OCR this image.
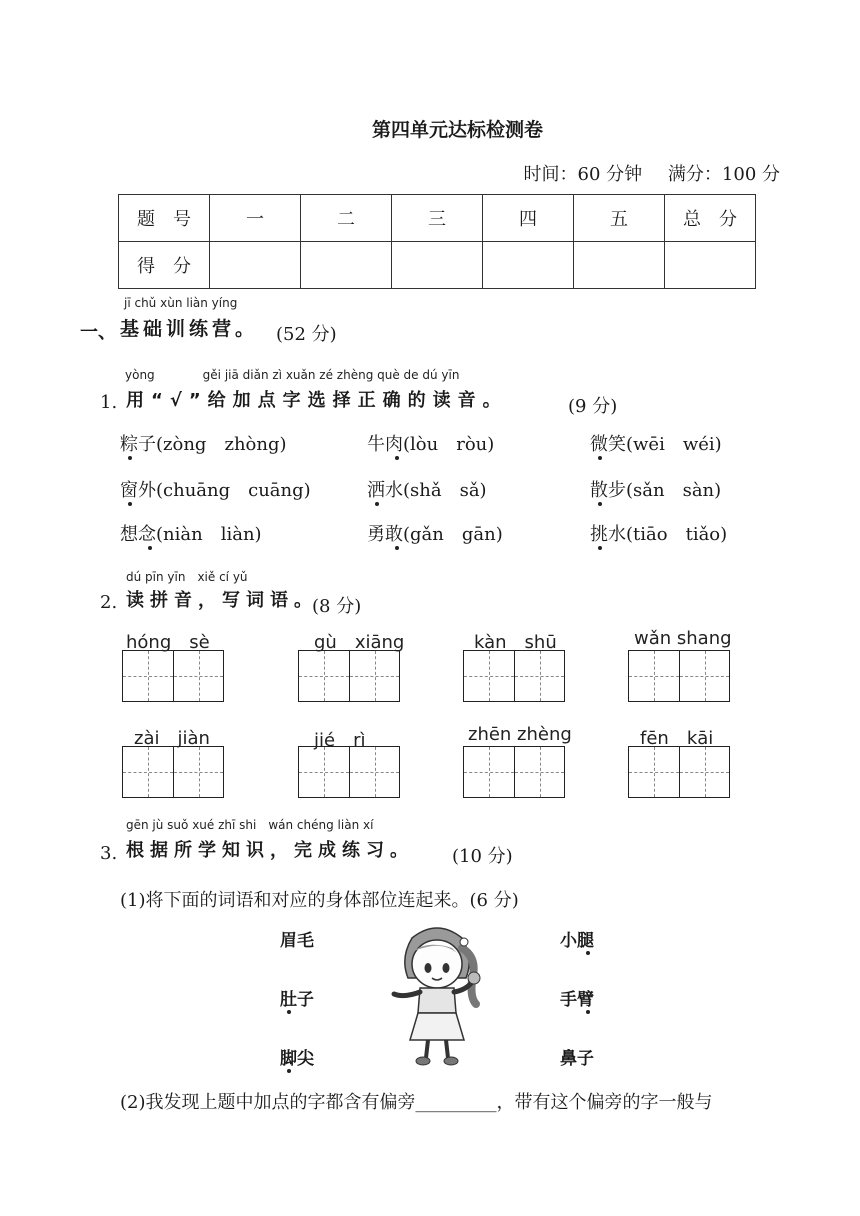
第四单元达标检测卷
时间：60 分钟 满分：100 分
题　号	一	二	三	四	五	总　分
得　分						
jī chǔ xùn liàn yíng
一、 基础训练营。 (52 分)
yòng　　　　gěi jiā diǎn zì xuǎn zé zhèng què de dú yīn
1. 用“√”给加点字选择正确的读音。	(9 分)
粽子(zòng　zhòng)	牛肉(lòu　ròu)	微笑(wēi　wéi)
窗外(chuāng　cuāng)	洒水(shǎ　sǎ)	散步(sǎn　sàn)
想念(niàn　liàn)	勇敢(gǎn　gān)	挑水(tiāo　tiǎo)
dú pīn yīn　xiě cí yǔ
2. 读拼音，写词语。
(8 分)
hóng　sè	gù　xiāng	kàn　shū	wǎn shang
zài　jiàn	jié　rì	zhēn zhèng	fēn　kāi
gēn jù suǒ xué zhī shi　wán chéng liàn xí
3. 根据所学知识，完成练习。 (10 分)
(1)将下面的词语和对应的身体部位连起来。(6 分)
眉毛
肚子
脚尖
小腿
手臂
鼻子
(2)我发现上题中加点的字都含有偏旁_________，带有这个偏旁的字一般与
